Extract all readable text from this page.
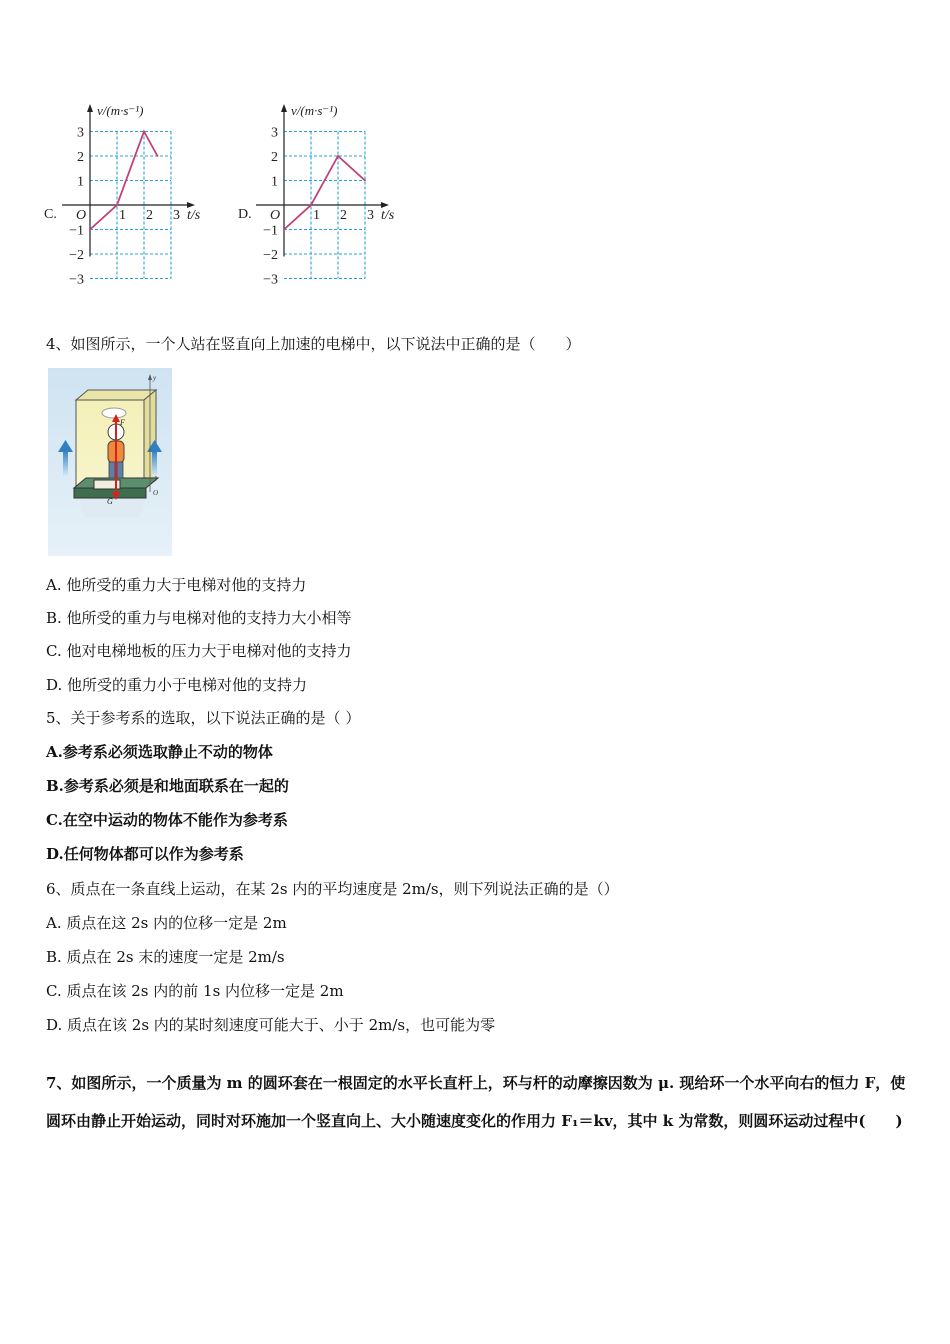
C.
v/(m·s⁻¹)
t/s
O 1 2 3
3
2
1
−1
−2
−3
D.
v/(m·s⁻¹)
t/s
O 1 2 3
3
2
1
−1
−2
−3
4、如图所示，一个人站在竖直向上加速的电梯中，以下说法中正确的是（　　）
F
G
y
O
A. 他所受的重力大于电梯对他的支持力
B. 他所受的重力与电梯对他的支持力大小相等
C. 他对电梯地板的压力大于电梯对他的支持力
D. 他所受的重力小于电梯对他的支持力
5、关于参考系的选取，以下说法正确的是（ ）
A.参考系必须选取静止不动的物体
B.参考系必须是和地面联系在一起的
C.在空中运动的物体不能作为参考系
D.任何物体都可以作为参考系
6、质点在一条直线上运动，在某 2s 内的平均速度是 2m/s，则下列说法正确的是（）
A. 质点在这 2s 内的位移一定是 2m
B. 质点在 2s 末的速度一定是 2m/s
C. 质点在该 2s 内的前 1s 内位移一定是 2m
D. 质点在该 2s 内的某时刻速度可能大于、小于 2m/s，也可能为零
7、如图所示，一个质量为 m 的圆环套在一根固定的水平长直杆上，环与杆的动摩擦因数为 μ. 现给环一个水平向右的恒力 F，使圆环由静止开始运动，同时对环施加一个竖直向上、大小随速度变化的作用力 F₁＝kv，其中 k 为常数，则圆环运动过程中(　　)
